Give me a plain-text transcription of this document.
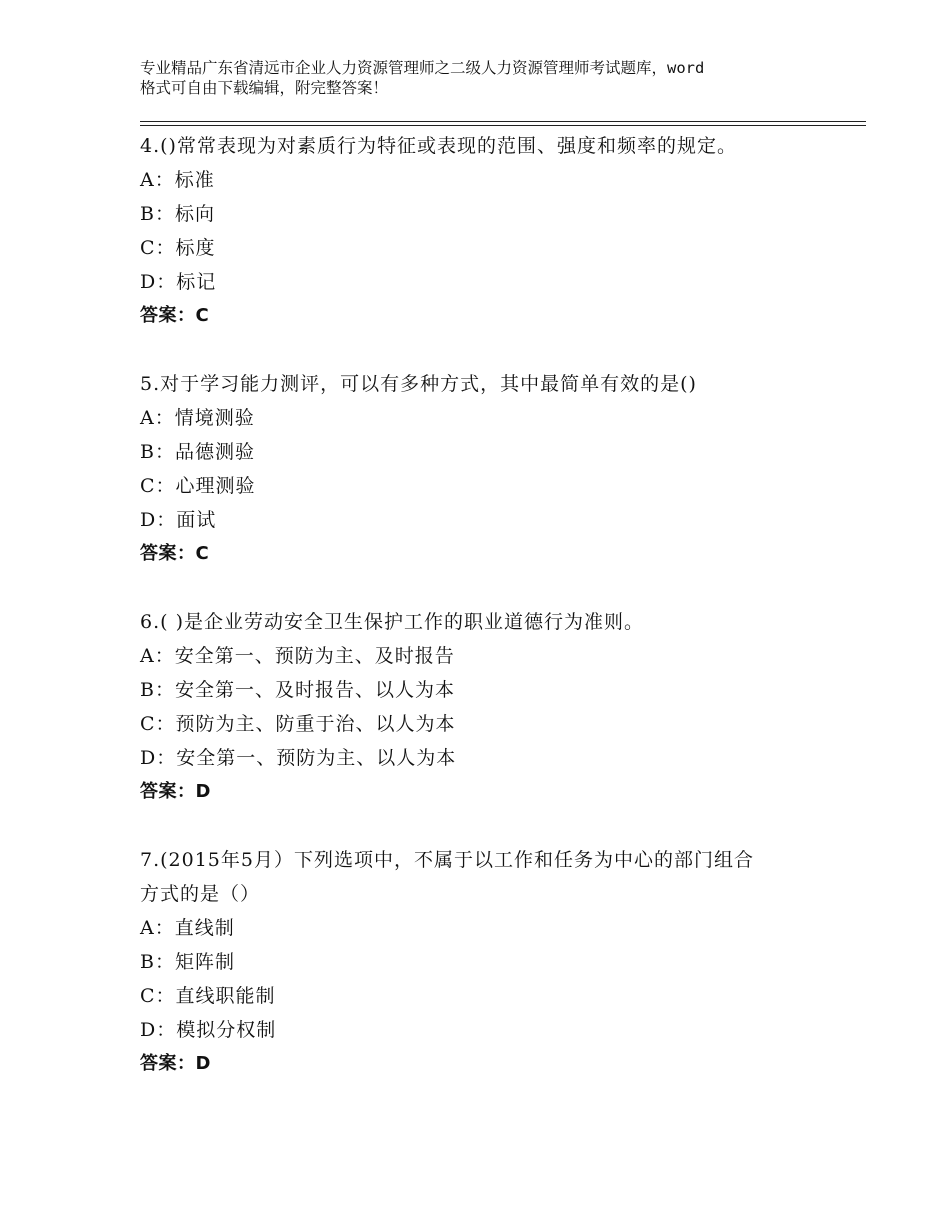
专业精品广东省清远市企业人力资源管理师之二级人力资源管理师考试题库，word
格式可自由下载编辑，附完整答案！
4.()常常表现为对素质行为特征或表现的范围、强度和频率的规定。
A：标准
B：标向
C：标度
D：标记
答案：C
5.对于学习能力测评，可以有多种方式，其中最简单有效的是()
A：情境测验
B：品德测验
C：心理测验
D：面试
答案：C
6.( )是企业劳动安全卫生保护工作的职业道德行为准则。
A：安全第一、预防为主、及时报告
B：安全第一、及时报告、以人为本
C：预防为主、防重于治、以人为本
D：安全第一、预防为主、以人为本
答案：D
7.(2015年5月）下列选项中，不属于以工作和任务为中心的部门组合
方式的是（）
A：直线制
B：矩阵制
C：直线职能制
D：模拟分权制
答案：D
